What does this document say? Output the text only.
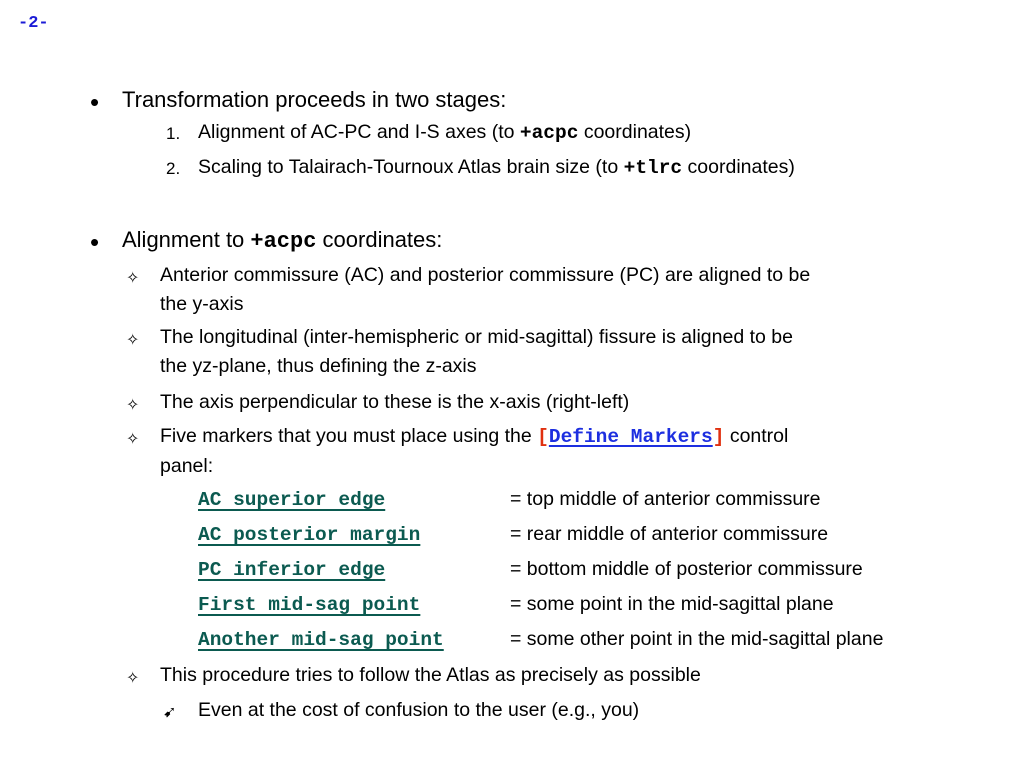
-2-
• Transformation proceeds in two stages:
1. Alignment of AC-PC and I-S axes (to +acpc coordinates)
2. Scaling to Talairach-Tournoux Atlas brain size (to +tlrc coordinates)
• Alignment to +acpc coordinates:
✧ Anterior commissure (AC) and posterior commissure (PC) are aligned to be
the y-axis
✧ The longitudinal (inter-hemispheric or mid-sagittal) fissure is aligned to be
the yz-plane, thus defining the z-axis
✧ The axis perpendicular to these is the x-axis (right-left)
✧ Five markers that you must place using the [Define Markers] control
panel:
AC superior edge	= top middle of anterior commissure
AC posterior margin	= rear middle of anterior commissure
PC inferior edge	= bottom middle of posterior commissure
First mid-sag point	= some point in the mid-sagittal plane
Another mid-sag point	= some other point in the mid-sagittal plane
✧ This procedure tries to follow the Atlas as precisely as possible
➹ Even at the cost of confusion to the user (e.g., you)
